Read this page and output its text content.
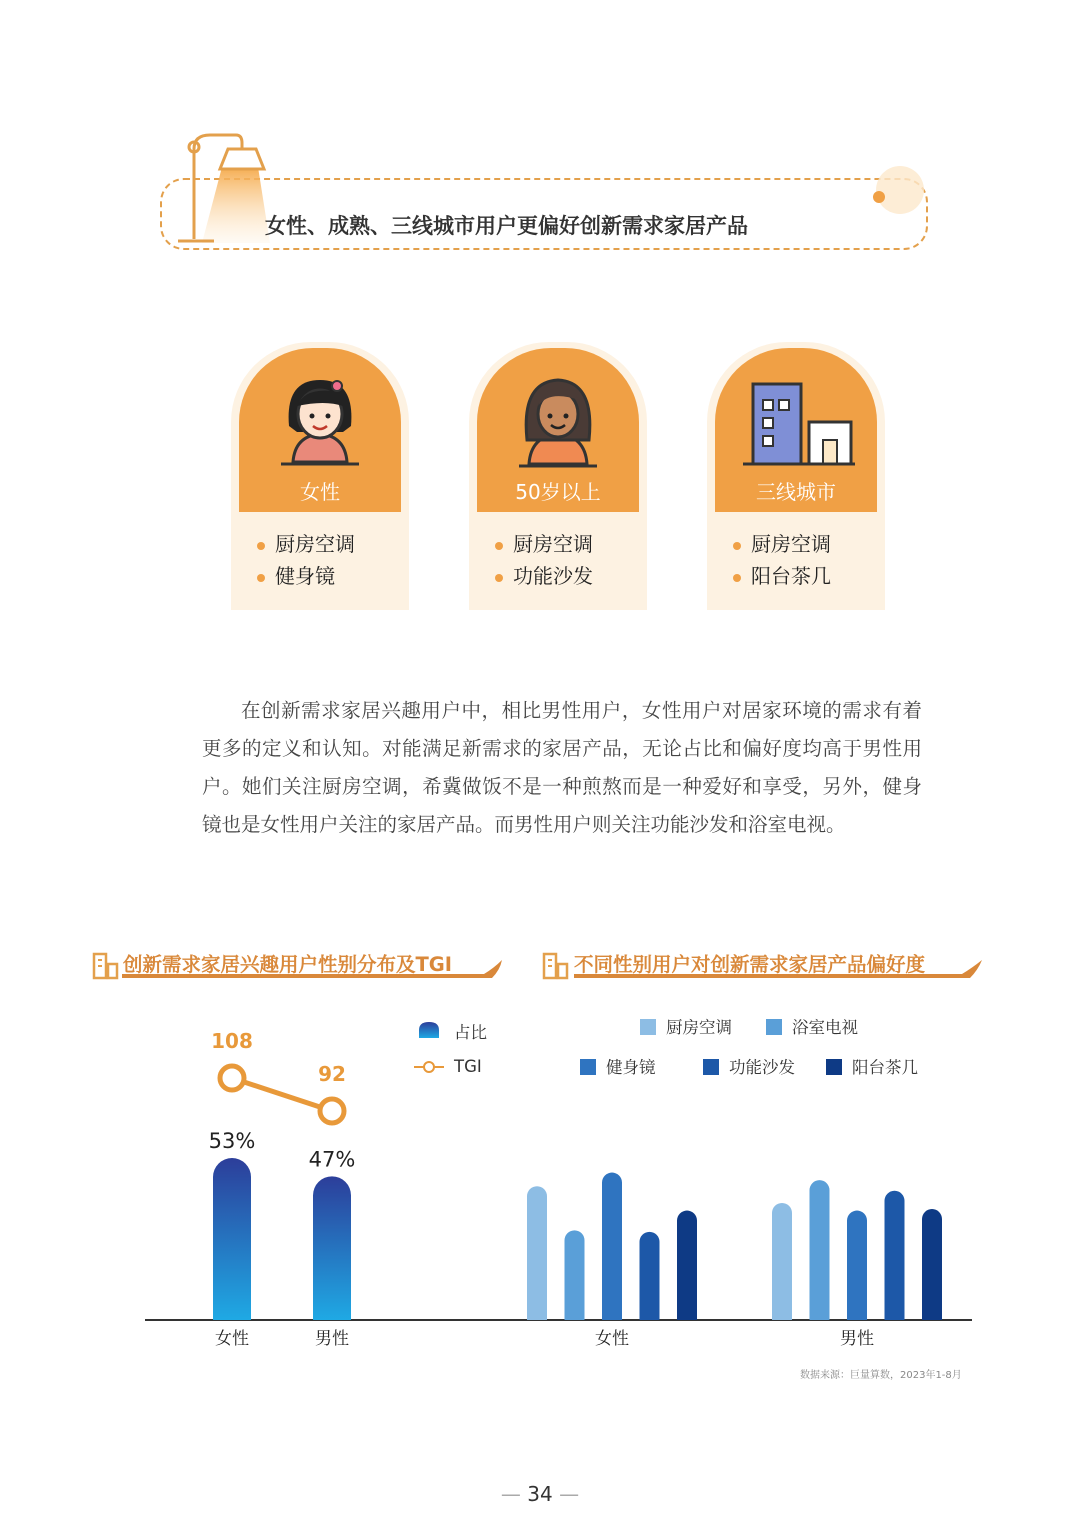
女性、成熟、三线城市用户更偏好创新需求家居产品
女性
厨房空调
健身镜
50岁以上
厨房空调
功能沙发
三线城市
厨房空调
阳台茶几
在创新需求家居兴趣用户中，相比男性用户，女性用户对居家环境的需求有着更多的定义和认知。对能满足新需求的家居产品，无论占比和偏好度均高于男性用户。她们关注厨房空调，希冀做饭不是一种煎熬而是一种爱好和享受，另外，健身镜也是女性用户关注的家居产品。而男性用户则关注功能沙发和浴室电视。
创新需求家居兴趣用户性别分布及TGI	不同性别用户对创新需求家居产品偏好度
占比
TGI
53%
女性
47%
男性
108
92
女性	男性
厨房空调	浴室电视
健身镜	功能沙发	阳台茶几
数据来源：巨量算数，2023年1-8月
— 34 —
